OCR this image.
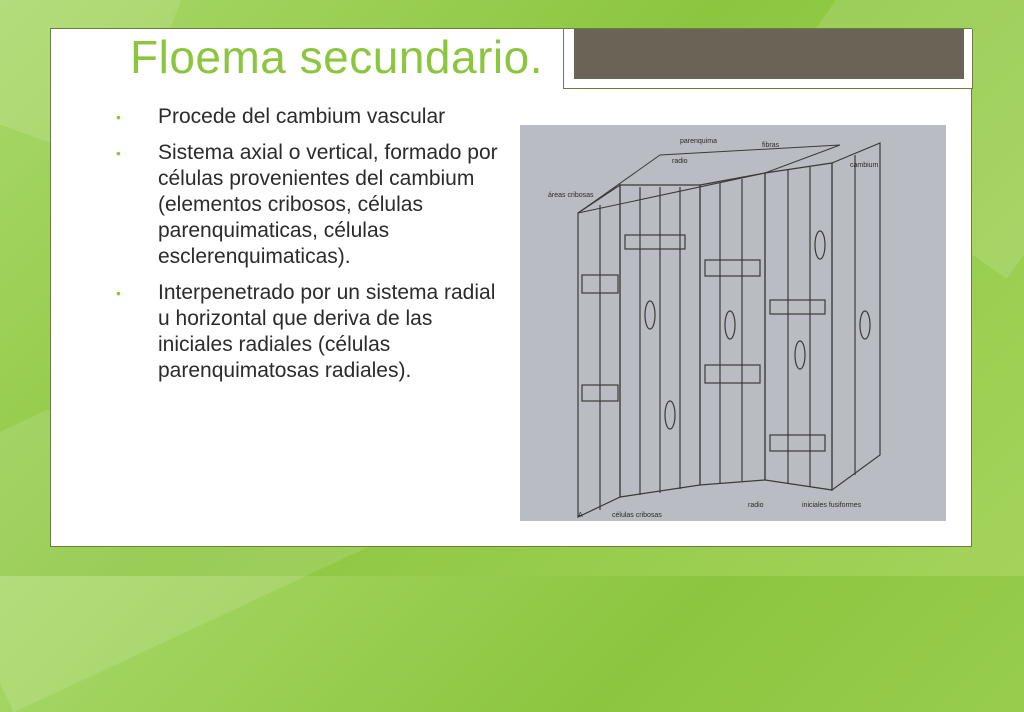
Floema secundario.
• Procede del cambium vascular
• Sistema axial o vertical, formado por células provenientes del cambium (elementos cribosos, células parenquimaticas, células esclerenquimaticas).
• Interpenetrado por un sistema radial u horizontal que deriva de las iniciales radiales (células parenquimatosas radiales).
parenquima
fibras
radio
cambium
áreas cribosas
células cribosas
radio	iniciales fusiformes
A
